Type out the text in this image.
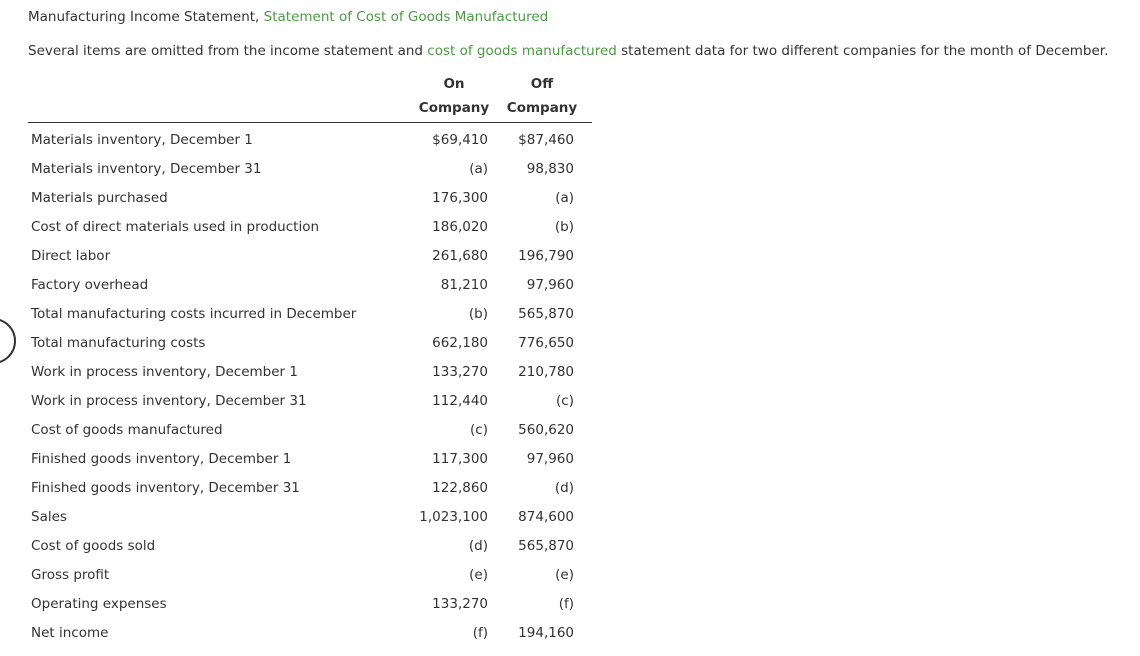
Manufacturing Income Statement, Statement of Cost of Goods Manufactured
Several items are omitted from the income statement and cost of goods manufactured statement data for two different companies for the month of December.
	On	Off
	Company	Company
Materials inventory, December 1	$69,410	$87,460
Materials inventory, December 31	(a)	98,830
Materials purchased	176,300	(a)
Cost of direct materials used in production	186,020	(b)
Direct labor	261,680	196,790
Factory overhead	81,210	97,960
Total manufacturing costs incurred in December	(b)	565,870
Total manufacturing costs	662,180	776,650
Work in process inventory, December 1	133,270	210,780
Work in process inventory, December 31	112,440	(c)
Cost of goods manufactured	(c)	560,620
Finished goods inventory, December 1	117,300	97,960
Finished goods inventory, December 31	122,860	(d)
Sales	1,023,100	874,600
Cost of goods sold	(d)	565,870
Gross profit	(e)	(e)
Operating expenses	133,270	(f)
Net income	(f)	194,160
